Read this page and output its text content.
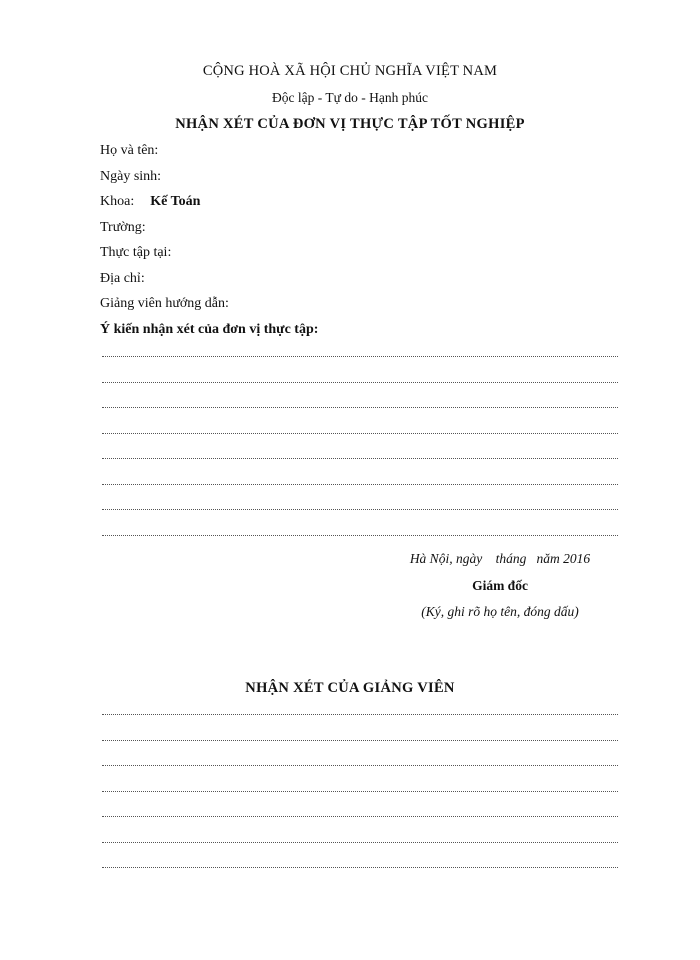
CỘNG HOÀ XÃ HỘI CHỦ NGHĨA VIỆT NAM
Độc lập - Tự do - Hạnh phúc
NHẬN XÉT CỦA ĐƠN VỊ THỰC TẬP TỐT NGHIỆP
Họ và tên:
Ngày sinh:
Khoa: Kế Toán
Trường:
Thực tập tại:
Địa chỉ:
Giảng viên hướng dẫn:
Ý kiến nhận xét của đơn vị thực tập:
Hà Nội, ngày    tháng   năm 2016
Giám đốc
(Ký, ghi rõ họ tên, đóng dấu)
NHẬN XÉT CỦA GIẢNG VIÊN
